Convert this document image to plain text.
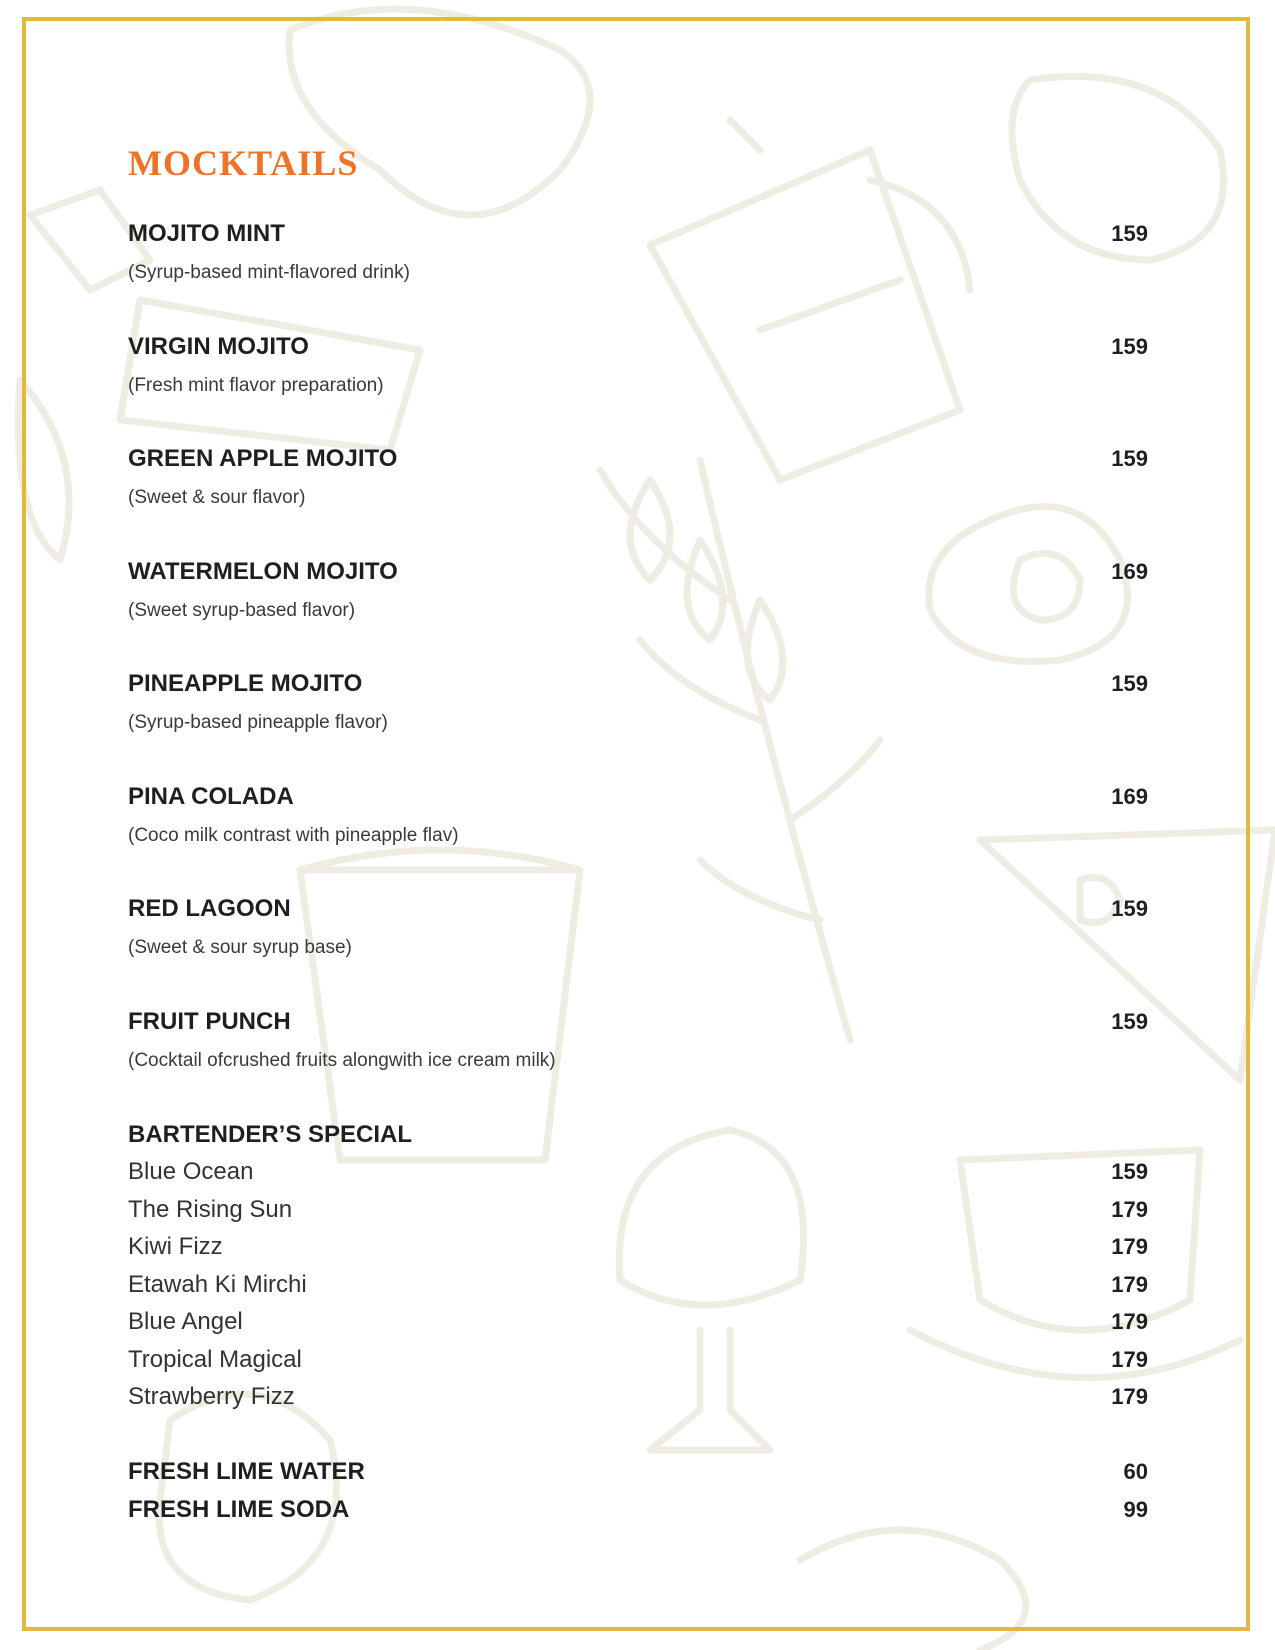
MOCKTAILS
MOJITO MINT	159
(Syrup-based mint-flavored drink)
VIRGIN MOJITO	159
(Fresh mint flavor preparation)
GREEN APPLE MOJITO	159
(Sweet & sour flavor)
WATERMELON MOJITO	169
(Sweet syrup-based flavor)
PINEAPPLE MOJITO	159
(Syrup-based pineapple flavor)
PINA COLADA	169
(Coco milk contrast with pineapple flav)
RED LAGOON	159
(Sweet & sour syrup base)
FRUIT PUNCH	159
(Cocktail ofcrushed fruits alongwith ice cream milk)
BARTENDER’S SPECIAL
Blue Ocean	159
The Rising Sun	179
Kiwi Fizz	179
Etawah Ki Mirchi	179
Blue Angel	179
Tropical Magical	179
Strawberry Fizz	179
FRESH LIME WATER	60
FRESH LIME SODA	99
